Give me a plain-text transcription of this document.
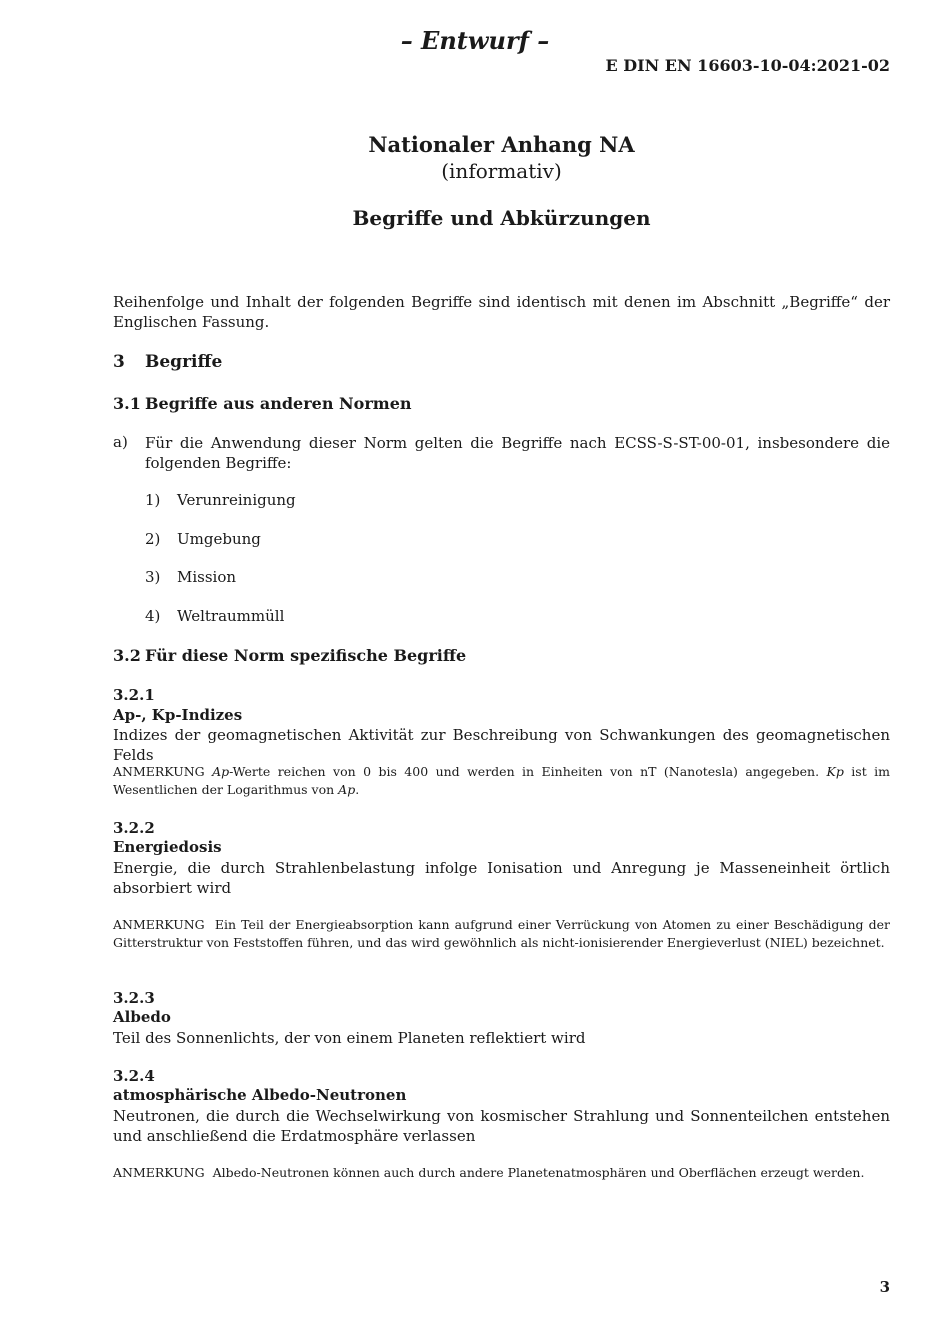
– Entwurf –
E DIN EN 16603-10-04:2021-02
Nationaler Anhang NA
(informativ)
Begriffe und Abkürzungen
Reihenfolge und Inhalt der folgenden Begriffe sind identisch mit denen im Abschnitt „Begriffe“ der Englischen Fassung.
3 Begriffe
3.1 Begriffe aus anderen Normen
a) Für die Anwendung dieser Norm gelten die Begriffe nach ECSS-S-ST-00-01, insbesondere die folgenden Begriffe:
1) Verunreinigung
2) Umgebung
3) Mission
4) Weltraummüll
3.2 Für diese Norm spezifische Begriffe
3.2.1
Ap-, Kp-Indizes
Indizes der geomagnetischen Aktivität zur Beschreibung von Schwankungen des geomagnetischen Felds
ANMERKUNG Ap-Werte reichen von 0 bis 400 und werden in Einheiten von nT (Nanotesla) angegeben. Kp ist im Wesentlichen der Logarithmus von Ap.
3.2.2
Energiedosis
Energie, die durch Strahlenbelastung infolge Ionisation und Anregung je Masseneinheit örtlich absorbiert wird
ANMERKUNG Ein Teil der Energieabsorption kann aufgrund einer Verrückung von Atomen zu einer Beschädigung der Gitterstruktur von Feststoffen führen, und das wird gewöhnlich als nicht-ionisierender Energieverlust (NIEL) bezeichnet.
3.2.3
Albedo
Teil des Sonnenlichts, der von einem Planeten reflektiert wird
3.2.4
atmosphärische Albedo-Neutronen
Neutronen, die durch die Wechselwirkung von kosmischer Strahlung und Sonnenteilchen entstehen und anschließend die Erdatmosphäre verlassen
ANMERKUNG Albedo-Neutronen können auch durch andere Planetenatmosphären und Oberflächen erzeugt werden.
3
